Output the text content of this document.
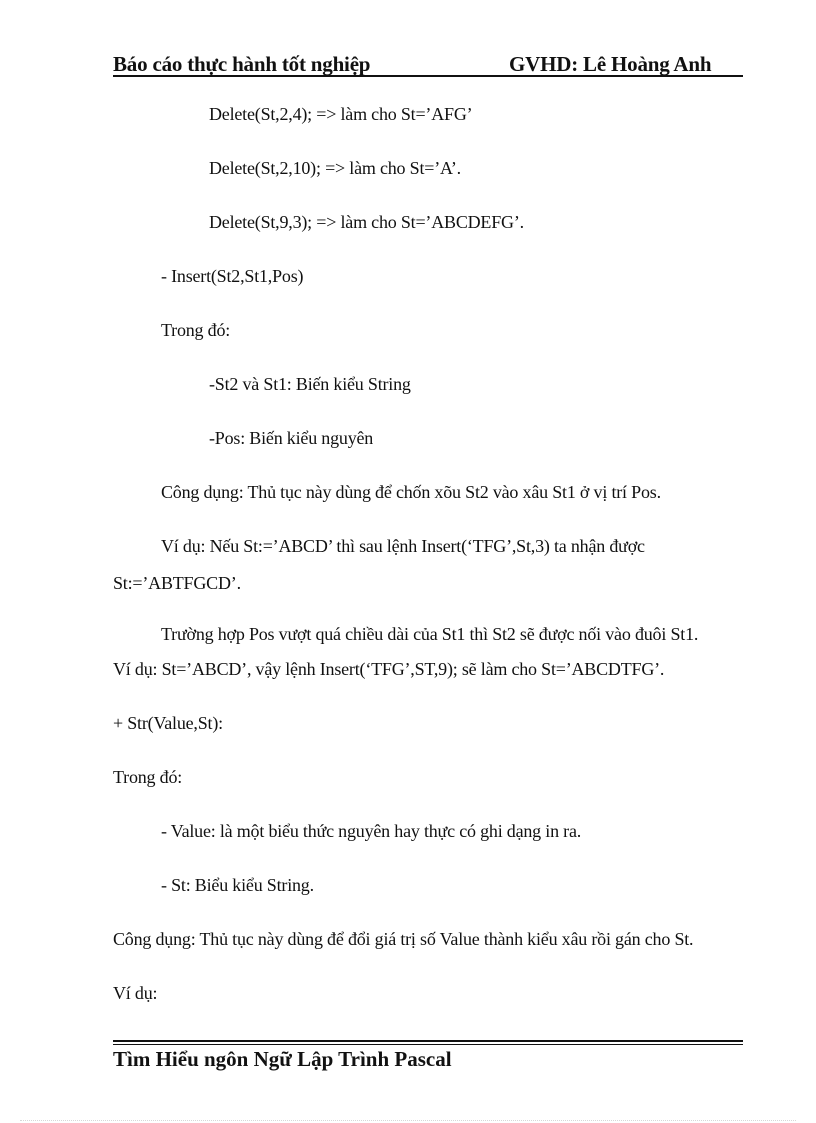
Báo cáo thực hành tốt nghiệp	GVHD: Lê Hoàng Anh
Delete(St,2,4); => làm cho St=’AFG’
Delete(St,2,10); => làm cho St=’A’.
Delete(St,9,3); => làm cho St=’ABCDEFG’.
- Insert(St2,St1,Pos)
Trong đó:
-St2 và St1: Biến kiểu String
-Pos: Biến kiểu nguyên
Công dụng: Thủ tục này dùng để chốn xõu St2 vào xâu St1 ở vị trí Pos.
Ví dụ: Nếu St:=’ABCD’ thì sau lệnh Insert(‘TFG’,St,3) ta nhận được
St:=’ABTFGCD’.
Trường hợp Pos vượt quá chiều dài của St1 thì St2 sẽ được nối vào đuôi St1.
Ví dụ: St=’ABCD’, vậy lệnh Insert(‘TFG’,ST,9); sẽ làm cho St=’ABCDTFG’.
+ Str(Value,St):
Trong đó:
- Value: là một biểu thức nguyên hay thực có ghi dạng in ra.
- St: Biểu kiểu String.
Công dụng: Thủ tục này dùng để đổi giá trị số Value thành kiểu xâu rồi gán cho St.
Ví dụ:
Tìm Hiểu ngôn Ngữ Lập Trình Pascal
